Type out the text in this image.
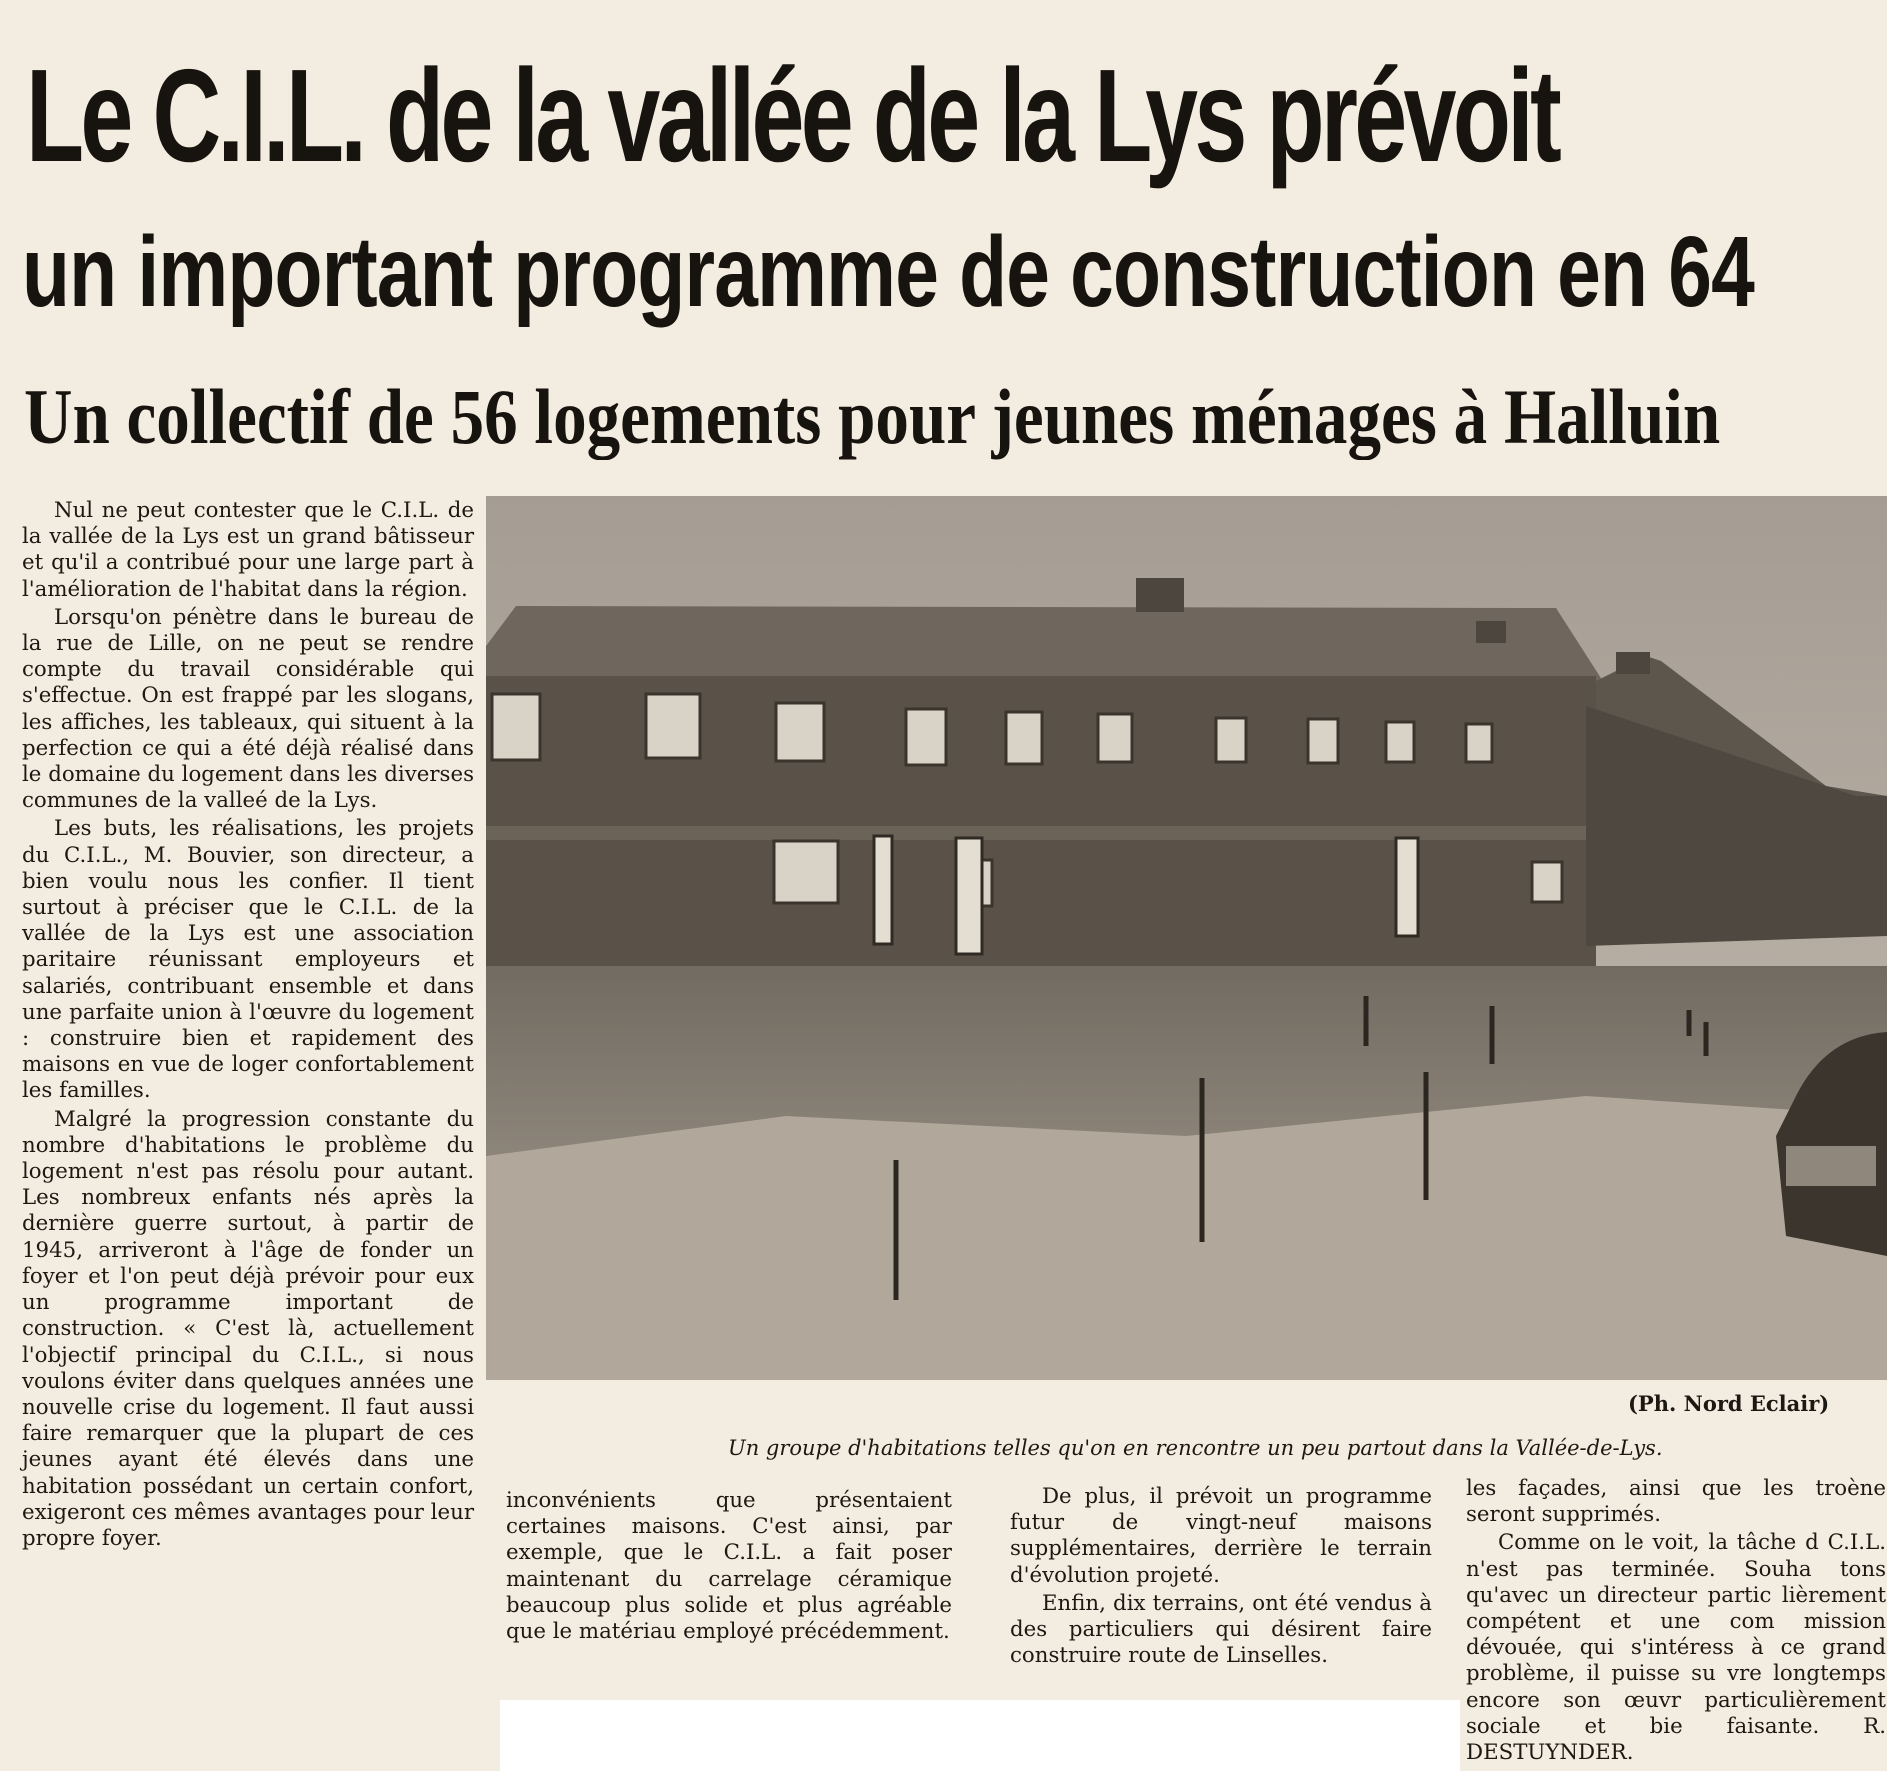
Le C.I.L. de la vallée de la Lys prévoit
un important programme de construction en 64
Un collectif de 56 logements pour jeunes ménages à Halluin

Nul ne peut contester que le C.I.L. de la vallée de la Lys est un grand bâtisseur et qu'il a contribué pour une large part à l'amélioration de l'habitat dans la région.

Lorsqu'on pénètre dans le bureau de la rue de Lille, on ne peut se rendre compte du travail considérable qui s'effectue. On est frappé par les slogans, les affiches, les tableaux, qui situent à la perfection ce qui a été déjà réalisé dans le domaine du logement dans les diverses communes de la valleé de la Lys.

Les buts, les réalisations, les projets du C.I.L., M. Bouvier, son directeur, a bien voulu nous les confier. Il tient surtout à préciser que le C.I.L. de la vallée de la Lys est une association paritaire réunissant employeurs et salariés, contribuant ensemble et dans une parfaite union à l'œuvre du logement : construire bien et rapidement des maisons en vue de loger confortablement les familles.

Malgré la progression constante du nombre d'habitations le problème du logement n'est pas résolu pour autant. Les nombreux enfants nés après la dernière guerre surtout, à partir de 1945, arriveront à l'âge de fonder un foyer et l'on peut déjà prévoir pour eux un programme important de construction. « C'est là, actuellement l'objectif principal du C.I.L., si nous voulons éviter dans quelques années une nouvelle crise du logement. Il faut aussi faire remarquer que la plupart de ces jeunes ayant été élevés dans une habitation possédant un certain confort, exigeront ces mêmes avantages pour leur propre foyer.

(Ph. Nord Eclair)
Un groupe d'habitations telles qu'on en rencontre un peu partout dans la Vallée-de-Lys.

inconvénients que présentaient certaines maisons. C'est ainsi, par exemple, que le C.I.L. a fait poser maintenant du carrelage céramique beaucoup plus solide et plus agréable que le matériau employé précédemment.

De plus, il prévoit un programme futur de vingt-neuf maisons supplémentaires, derrière le terrain d'évolution projeté.

Enfin, dix terrains, ont été vendus à des particuliers qui désirent faire construire route de Linselles.

les façades, ainsi que les troène seront supprimés.

Comme on le voit, la tâche d C.I.L. n'est pas terminée. Souha tons qu'avec un directeur partic lièrement compétent et une com mission dévouée, qui s'intéress à ce grand problème, il puisse su vre longtemps encore son œuvr particulièrement sociale et bie faisante. R. DESTUYNDER.
